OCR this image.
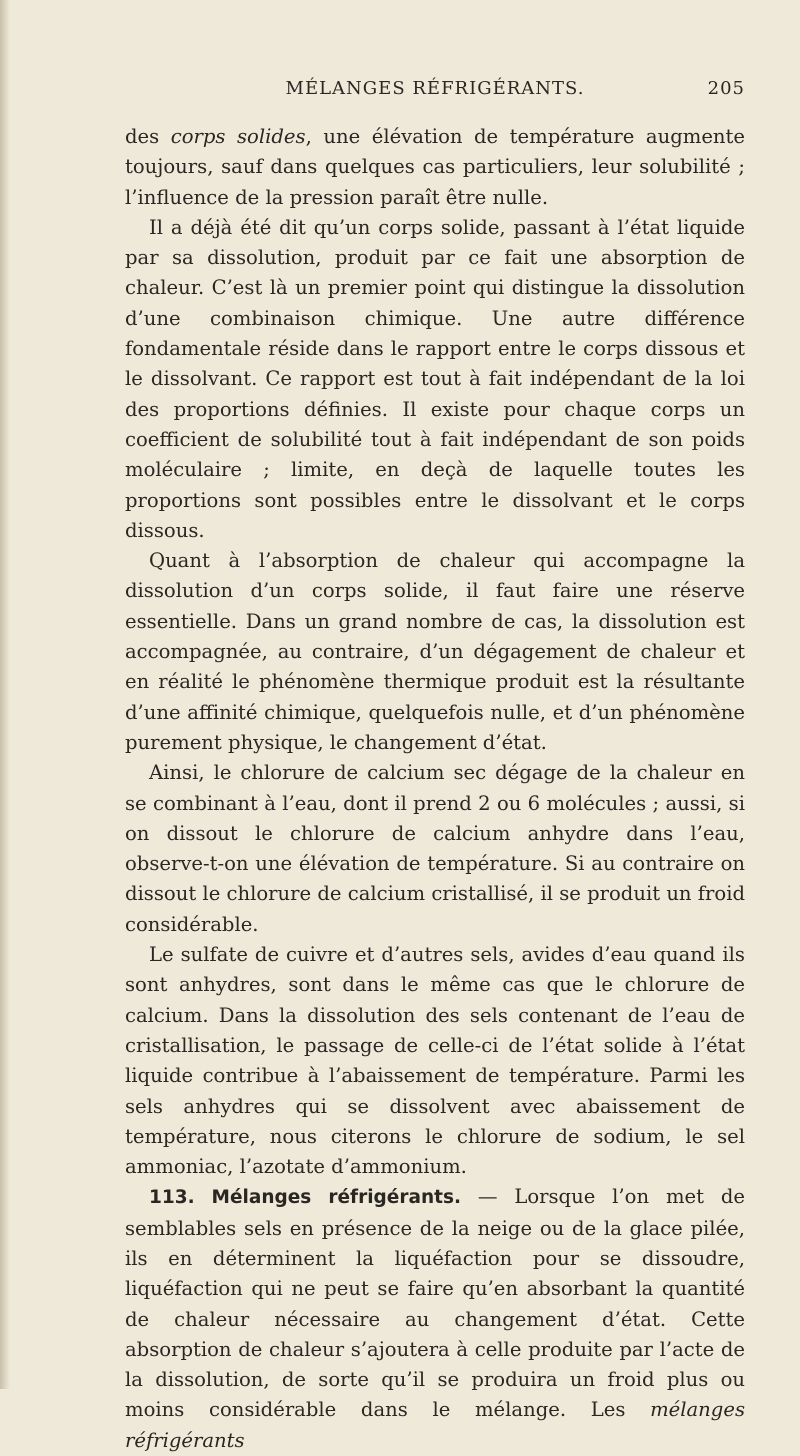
MÉLANGES RÉFRIGÉRANTS.	205

des corps solides, une élévation de température augmente toujours, sauf dans quelques cas particuliers, leur solubilité ; l’influence de la pression paraît être nulle.

Il a déjà été dit qu’un corps solide, passant à l’état liquide par sa dissolution, produit par ce fait une absorption de chaleur. C’est là un premier point qui distingue la dissolution d’une combinaison chimique. Une autre différence fondamentale réside dans le rapport entre le corps dissous et le dissolvant. Ce rapport est tout à fait indépendant de la loi des proportions définies. Il existe pour chaque corps un coefficient de solubilité tout à fait indépendant de son poids moléculaire ; limite, en deçà de laquelle toutes les proportions sont possibles entre le dissolvant et le corps dissous.

Quant à l’absorption de chaleur qui accompagne la dissolution d’un corps solide, il faut faire une réserve essentielle. Dans un grand nombre de cas, la dissolution est accompagnée, au contraire, d’un dégagement de chaleur et en réalité le phénomène thermique produit est la résultante d’une affinité chimique, quelquefois nulle, et d’un phénomène purement physique, le changement d’état.

Ainsi, le chlorure de calcium sec dégage de la chaleur en se combinant à l’eau, dont il prend 2 ou 6 molécules ; aussi, si on dissout le chlorure de calcium anhydre dans l’eau, observe-t-on une élévation de température. Si au contraire on dissout le chlorure de calcium cristallisé, il se produit un froid considérable.

Le sulfate de cuivre et d’autres sels, avides d’eau quand ils sont anhydres, sont dans le même cas que le chlorure de calcium. Dans la dissolution des sels contenant de l’eau de cristallisation, le passage de celle-ci de l’état solide à l’état liquide contribue à l’abaissement de température. Parmi les sels anhydres qui se dissolvent avec abaissement de température, nous citerons le chlorure de sodium, le sel ammoniac, l’azotate d’ammonium.

113. Mélanges réfrigérants. — Lorsque l’on met de semblables sels en présence de la neige ou de la glace pilée, ils en déterminent la liquéfaction pour se dissoudre, liquéfaction qui ne peut se faire qu’en absorbant la quantité de chaleur nécessaire au changement d’état. Cette absorption de chaleur s’ajoutera à celle produite par l’acte de la dissolution, de sorte qu’il se produira un froid plus ou moins considérable dans le mélange. Les mélanges réfrigérants
